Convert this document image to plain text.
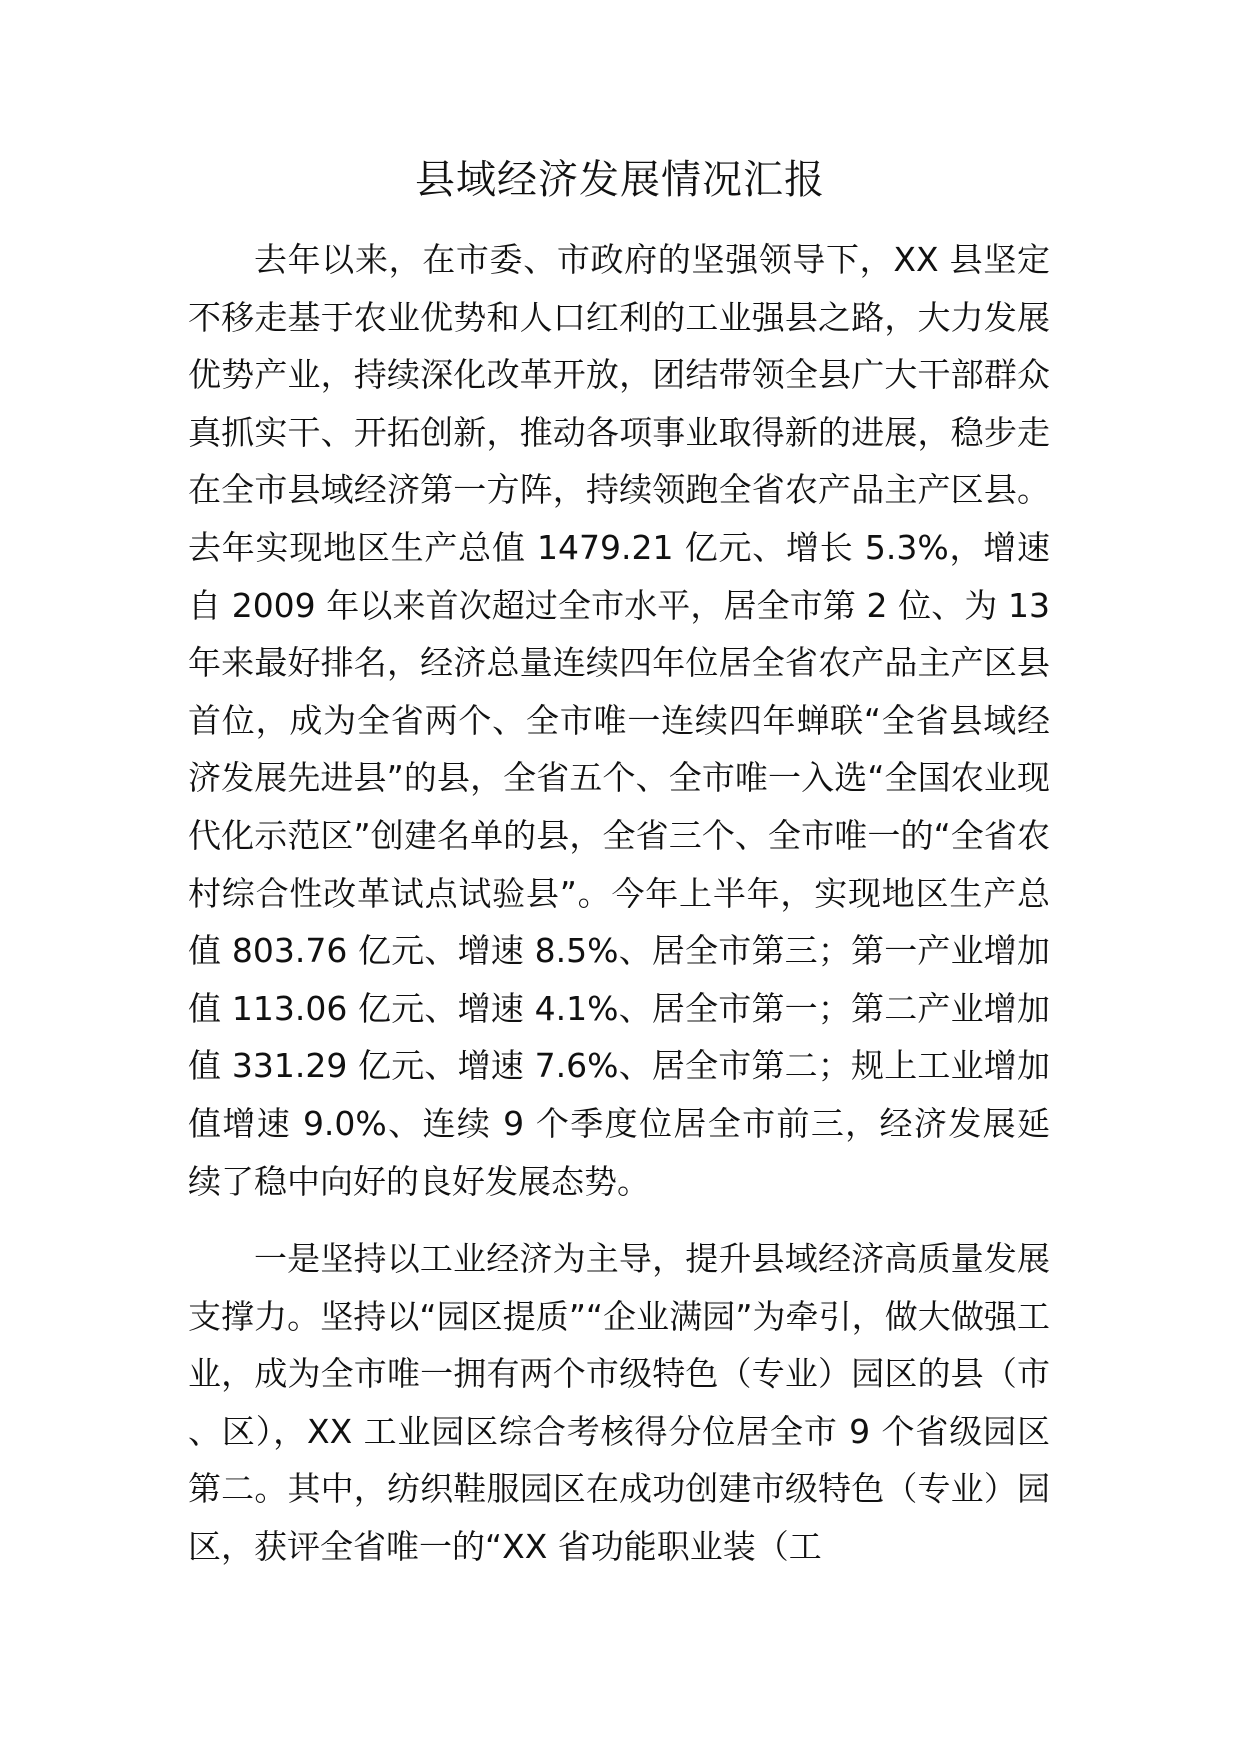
县域经济发展情况汇报

去年以来，在市委、市政府的坚强领导下，XX 县坚定不移走基于农业优势和人口红利的工业强县之路，大力发展优势产业，持续深化改革开放，团结带领全县广大干部群众真抓实干、开拓创新，推动各项事业取得新的进展，稳步走在全市县域经济第一方阵，持续领跑全省农产品主产区县。去年实现地区生产总值 1479.21 亿元、增长 5.3%，增速自 2009 年以来首次超过全市水平，居全市第 2 位、为 13 年来最好排名，经济总量连续四年位居全省农产品主产区县首位，成为全省两个、全市唯一连续四年蝉联“全省县域经济发展先进县”的县，全省五个、全市唯一入选“全国农业现代化示范区”创建名单的县，全省三个、全市唯一的“全省农村综合性改革试点试验县”。今年上半年，实现地区生产总值 803.76 亿元、增速 8.5%、居全市第三；第一产业增加值 113.06 亿元、增速 4.1%、居全市第一；第二产业增加值 331.29 亿元、增速 7.6%、居全市第二；规上工业增加值增速 9.0%、连续 9 个季度位居全市前三，经济发展延续了稳中向好的良好发展态势。

一是坚持以工业经济为主导，提升县域经济高质量发展支撑力。坚持以“园区提质”“企业满园”为牵引，做大做强工业，成为全市唯一拥有两个市级特色（专业）园区的县（市、区），XX 工业园区综合考核得分位居全市 9 个省级园区第二。其中，纺织鞋服园区在成功创建市级特色（专业）园区，获评全省唯一的“XX 省功能职业装（工
